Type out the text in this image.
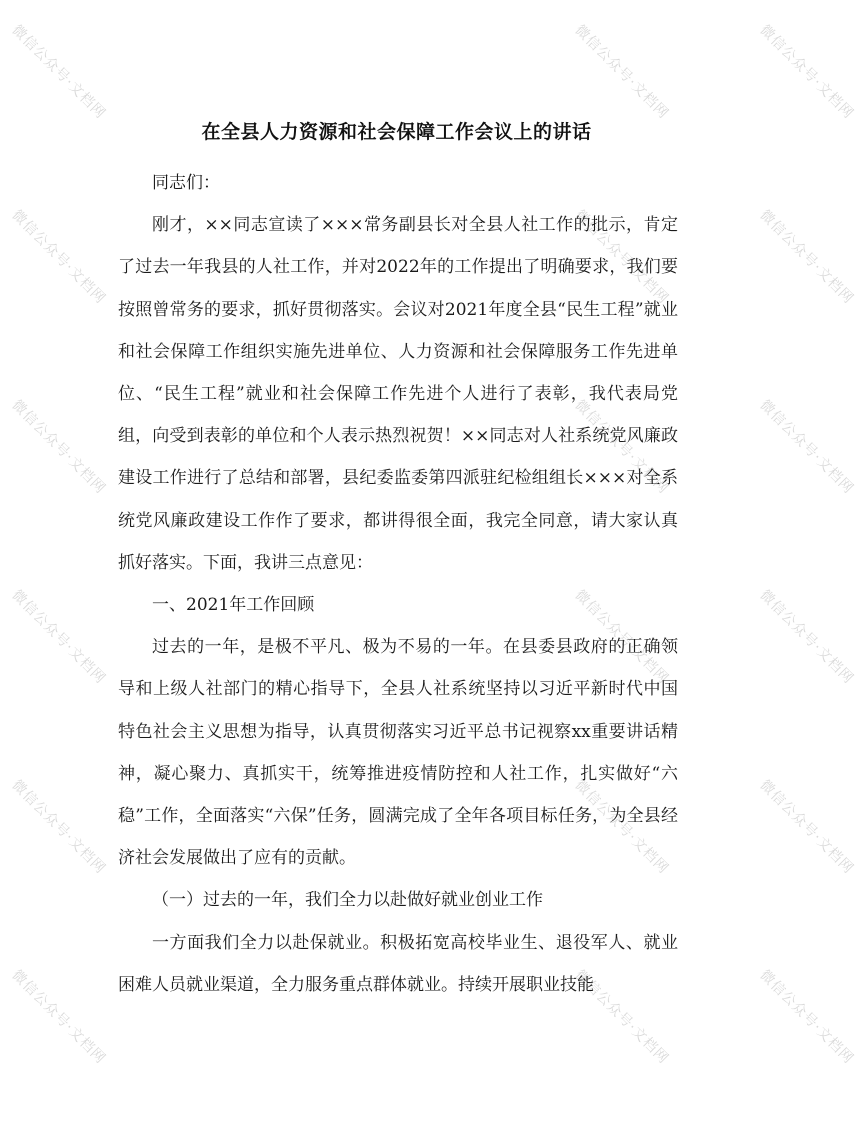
微信公众号·文档网	微信公众号·文档网	微信公众号·文档网
微信公众号·文档网	微信公众号·文档网	微信公众号·文档网
微信公众号·文档网	微信公众号·文档网	微信公众号·文档网
微信公众号·文档网	微信公众号·文档网	微信公众号·文档网
微信公众号·文档网	微信公众号·文档网	微信公众号·文档网
微信公众号·文档网	微信公众号·文档网	微信公众号·文档网
在全县人力资源和社会保障工作会议上的讲话

同志们：

刚才，××同志宣读了×××常务副县长对全县人社工作的批示，肯定了过去一年我县的人社工作，并对2022年的工作提出了明确要求，我们要按照曾常务的要求，抓好贯彻落实。会议对2021年度全县“民生工程”就业和社会保障工作组织实施先进单位、人力资源和社会保障服务工作先进单位、“民生工程”就业和社会保障工作先进个人进行了表彰，我代表局党组，向受到表彰的单位和个人表示热烈祝贺！××同志对人社系统党风廉政建设工作进行了总结和部署，县纪委监委第四派驻纪检组组长×××对全系统党风廉政建设工作作了要求，都讲得很全面，我完全同意，请大家认真抓好落实。下面，我讲三点意见：

一、2021年工作回顾

过去的一年，是极不平凡、极为不易的一年。在县委县政府的正确领导和上级人社部门的精心指导下，全县人社系统坚持以习近平新时代中国特色社会主义思想为指导，认真贯彻落实习近平总书记视察xx重要讲话精神，凝心聚力、真抓实干，统筹推进疫情防控和人社工作，扎实做好“六稳”工作，全面落实“六保”任务，圆满完成了全年各项目标任务，为全县经济社会发展做出了应有的贡献。

（一）过去的一年，我们全力以赴做好就业创业工作

一方面我们全力以赴保就业。积极拓宽高校毕业生、退役军人、就业困难人员就业渠道，全力服务重点群体就业。持续开展职业技能
